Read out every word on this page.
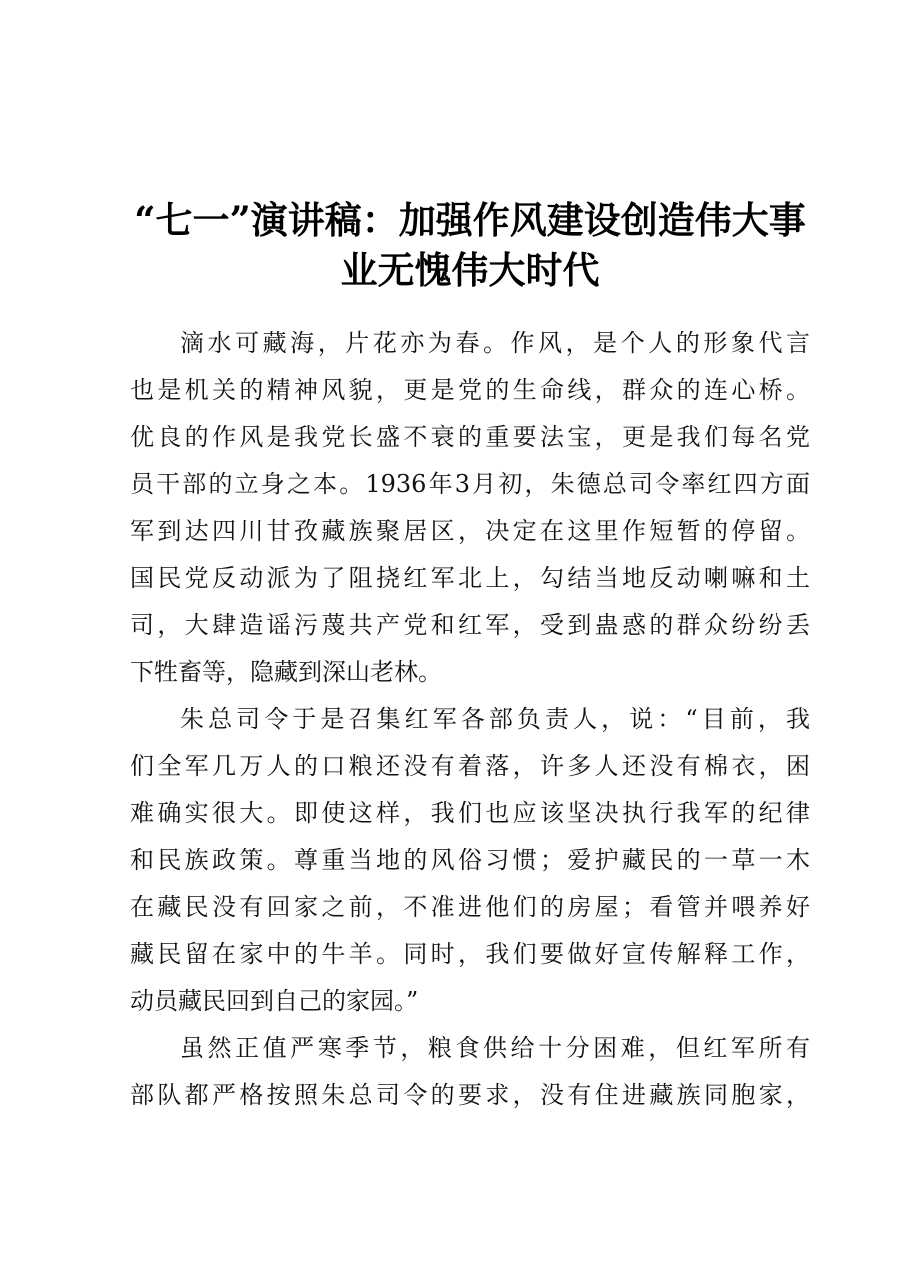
“七一”演讲稿：加强作风建设创造伟大事
业无愧伟大时代

滴水可藏海，片花亦为春。作风，是个人的形象代言
也是机关的精神风貌，更是党的生命线，群众的连心桥。
优良的作风是我党长盛不衰的重要法宝，更是我们每名党
员干部的立身之本。1936年3月初，朱德总司令率红四方面
军到达四川甘孜藏族聚居区，决定在这里作短暂的停留。
国民党反动派为了阻挠红军北上，勾结当地反动喇嘛和土
司，大肆造谣污蔑共产党和红军，受到蛊惑的群众纷纷丢
下牲畜等，隐藏到深山老林。

朱总司令于是召集红军各部负责人，说：“目前，我
们全军几万人的口粮还没有着落，许多人还没有棉衣，困
难确实很大。即使这样，我们也应该坚决执行我军的纪律
和民族政策。尊重当地的风俗习惯；爱护藏民的一草一木
在藏民没有回家之前，不准进他们的房屋；看管并喂养好
藏民留在家中的牛羊。同时，我们要做好宣传解释工作，
动员藏民回到自己的家园。”

虽然正值严寒季节，粮食供给十分困难，但红军所有
部队都严格按照朱总司令的要求，没有住进藏族同胞家，
